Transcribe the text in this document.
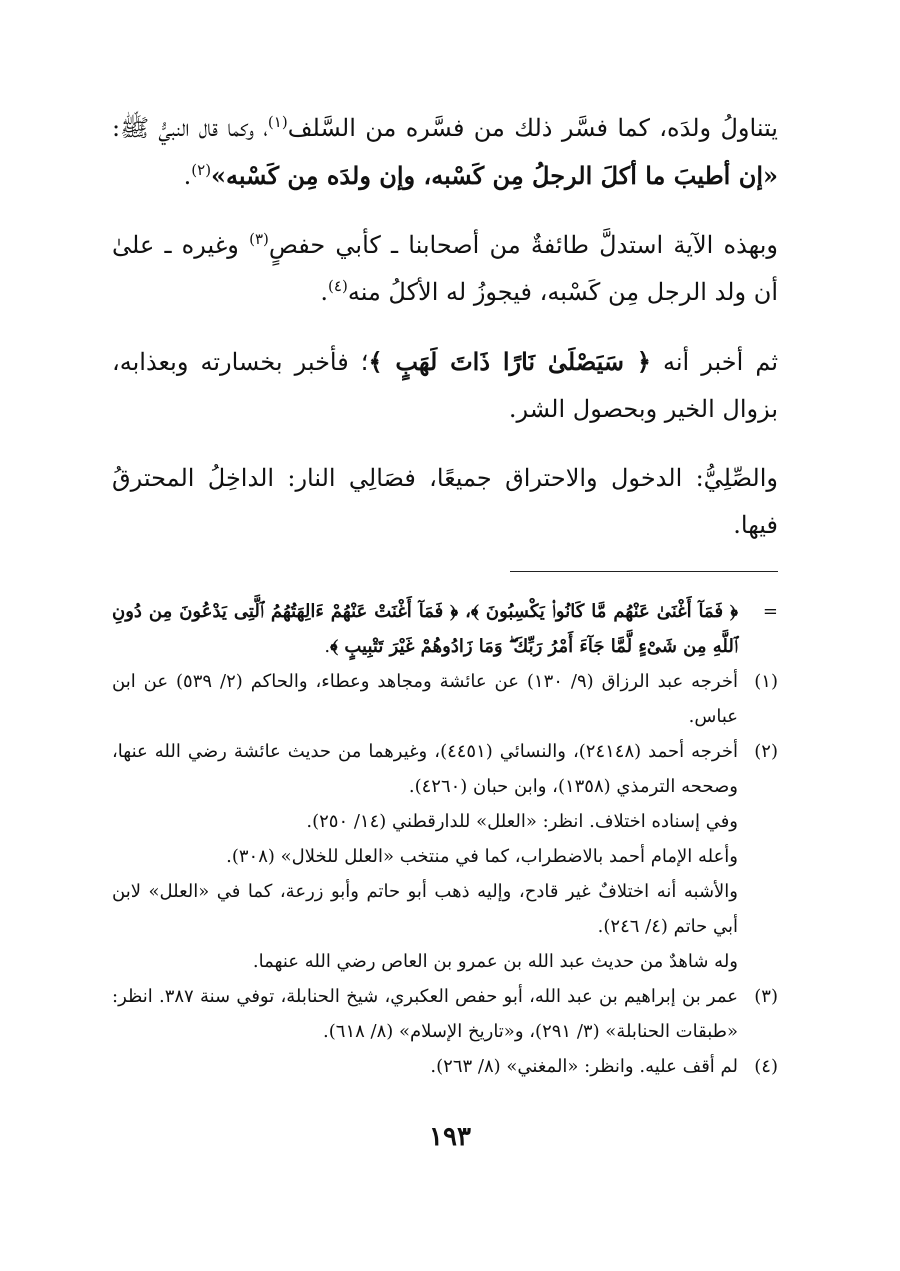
يتناولُ ولدَه، كما فسَّر ذلك من فسَّره من السَّلف$^{(١)}$، وكما قال النبيُّ ﷺ: «إن أطيبَ ما أكلَ الرجلُ مِن كَسْبه، وإن ولدَه مِن كَسْبه»$^{(٢)}$.

وبهذه الآية استدلَّ طائفةٌ من أصحابنا ـ كأبي حفصٍ$^{(٣)}$ وغيره ـ علىٰ أن ولد الرجل مِن كَسْبه، فيجوزُ له الأكلُ منه$^{(٤)}$.

ثم أخبر أنه ﴿ سَيَصْلَىٰ نَارًا ذَاتَ لَهَبٍ ﴾؛ فأخبر بخسارته وبعذابه، بزوال الخير وبحصول الشر.

والصِّلِيُّ: الدخول والاحتراق جميعًا، فصَالِي النار: الداخِلُ المحترقُ فيها.

=
﴿ فَمَآ أَغْنَىٰ عَنْهُم مَّا كَانُوا۟ يَكْسِبُونَ ﴾، ﴿ فَمَآ أَغْنَتْ عَنْهُمْ ءَالِهَتُهُمُ ٱلَّتِى يَدْعُونَ مِن دُونِ ٱللَّهِ مِن شَىْءٍ لَّمَّا جَآءَ أَمْرُ رَبِّكَ ۖ وَمَا زَادُوهُمْ غَيْرَ تَتْبِيبٍ ﴾.

(١)
أخرجه عبد الرزاق (٩/ ١٣٠) عن عائشة ومجاهد وعطاء، والحاكم (٢/ ٥٣٩) عن ابن عباس.

(٢)
أخرجه أحمد (٢٤١٤٨)، والنسائي (٤٤٥١)، وغيرهما من حديث عائشة رضي الله عنها، وصححه الترمذي (١٣٥٨)، وابن حبان (٤٢٦٠).

وفي إسناده اختلاف. انظر: «العلل» للدارقطني (١٤/ ٢٥٠).

وأعله الإمام أحمد بالاضطراب، كما في منتخب «العلل للخلال» (٣٠٨).

والأشبه أنه اختلافٌ غير قادح، وإليه ذهب أبو حاتم وأبو زرعة، كما في «العلل» لابن أبي حاتم (٤/ ٢٤٦).

وله شاهدٌ من حديث عبد الله بن عمرو بن العاص رضي الله عنهما.

(٣)
عمر بن إبراهيم بن عبد الله، أبو حفص العكبري، شيخ الحنابلة، توفي سنة ٣٨٧. انظر: «طبقات الحنابلة» (٣/ ٢٩١)، و«تاريخ الإسلام» (٨/ ٦١٨).

(٤)
لم أقف عليه. وانظر: «المغني» (٨/ ٢٦٣).

١٩٣
